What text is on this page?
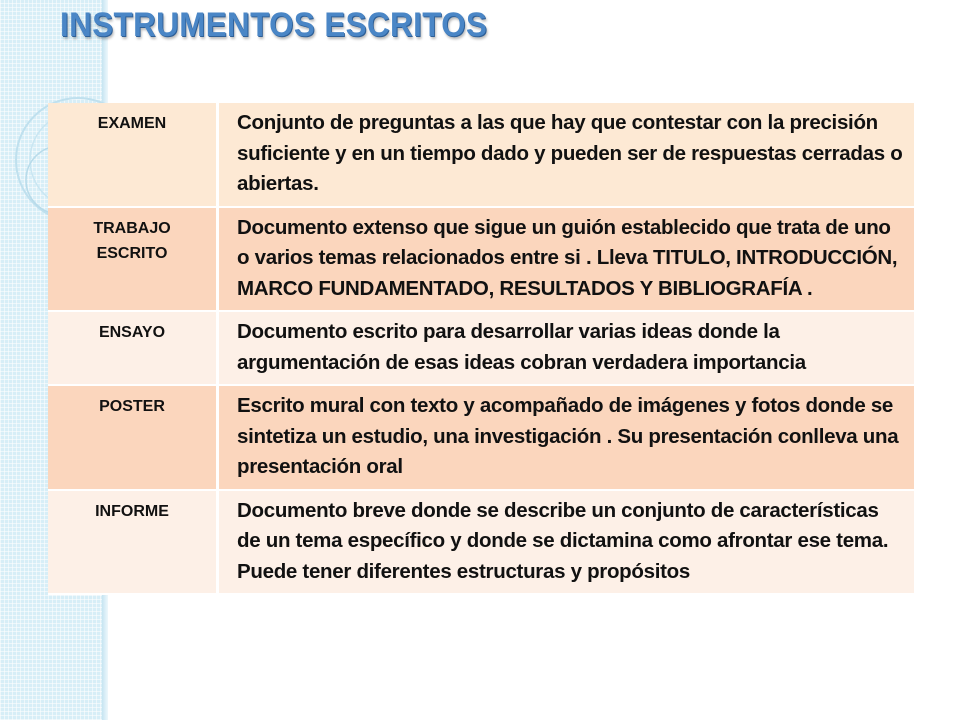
INSTRUMENTOS ESCRITOS
EXAMEN	Conjunto de preguntas a las que hay que contestar con la precisión suficiente y en un tiempo dado y pueden ser de respuestas cerradas o abiertas.
TRABAJO ESCRITO	Documento extenso que sigue un guión establecido que trata de uno o varios temas relacionados entre si . Lleva TITULO, INTRODUCCIÓN, MARCO FUNDAMENTADO, RESULTADOS Y BIBLIOGRAFÍA .
ENSAYO	Documento escrito para desarrollar varias ideas donde la argumentación de esas ideas cobran verdadera importancia
POSTER	Escrito mural con texto y acompañado de imágenes y fotos donde se sintetiza un estudio, una investigación . Su presentación conlleva una presentación oral
INFORME	Documento breve donde se describe un conjunto de características de un tema específico y donde se dictamina como afrontar ese tema. Puede tener diferentes estructuras y propósitos
